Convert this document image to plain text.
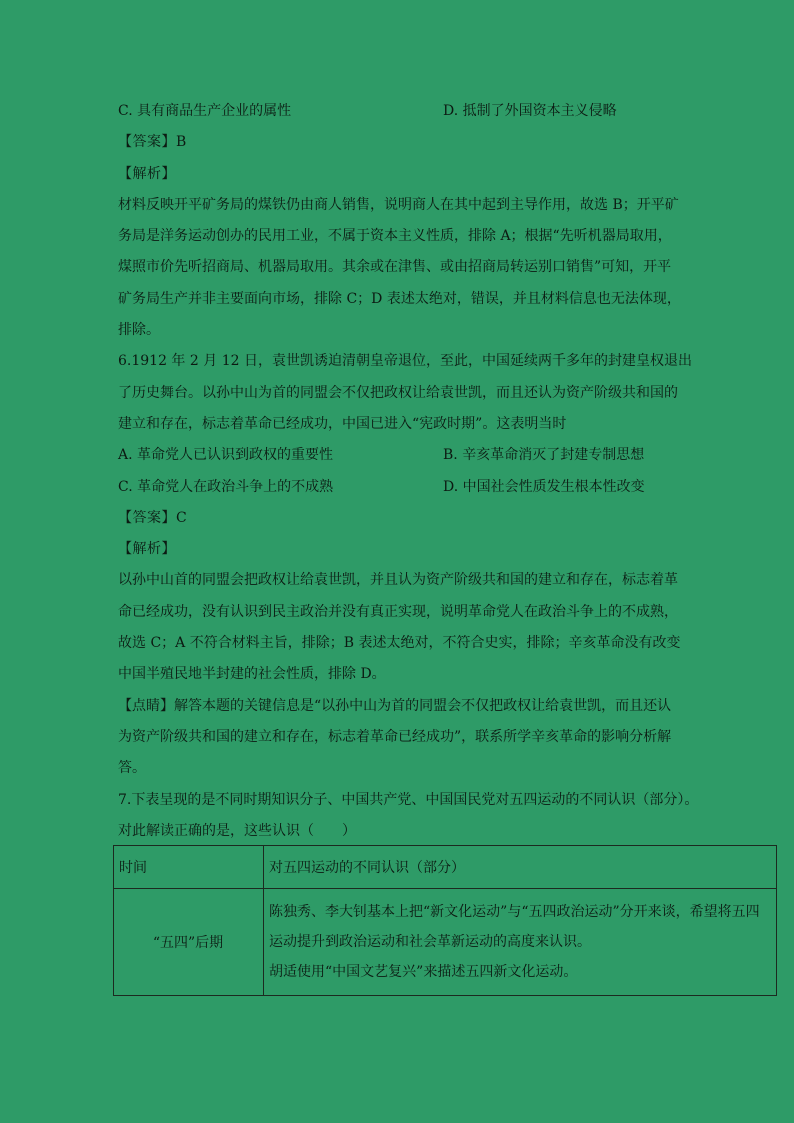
C. 具有商品生产企业的属性	D. 抵制了外国资本主义侵略
【答案】B
【解析】
材料反映开平矿务局的煤铁仍由商人销售，说明商人在其中起到主导作用，故选 B；开平矿
务局是洋务运动创办的民用工业，不属于资本主义性质，排除 A；根据“先听机器局取用，
煤照市价先听招商局、机器局取用。其余或在津售、或由招商局转运别口销售”可知，开平
矿务局生产并非主要面向市场，排除 C；D 表述太绝对，错误，并且材料信息也无法体现，
排除。
6.1912 年 2 月 12 日，袁世凯诱迫清朝皇帝退位，至此，中国延续两千多年的封建皇权退出
了历史舞台。以孙中山为首的同盟会不仅把政权让给袁世凯，而且还认为资产阶级共和国的
建立和存在，标志着革命已经成功，中国已进入“宪政时期”。这表明当时
A. 革命党人已认识到政权的重要性	B. 辛亥革命消灭了封建专制思想
C. 革命党人在政治斗争上的不成熟	D. 中国社会性质发生根本性改变
【答案】C
【解析】
以孙中山首的同盟会把政权让给袁世凯，并且认为资产阶级共和国的建立和存在，标志着革
命已经成功，没有认识到民主政治并没有真正实现，说明革命党人在政治斗争上的不成熟，
故选 C；A 不符合材料主旨，排除；B 表述太绝对，不符合史实，排除；辛亥革命没有改变
中国半殖民地半封建的社会性质，排除 D。
【点睛】解答本题的关键信息是“以孙中山为首的同盟会不仅把政权让给袁世凯，而且还认
为资产阶级共和国的建立和存在，标志着革命已经成功”，联系所学辛亥革命的影响分析解
答。
7.下表呈现的是不同时期知识分子、中国共产党、中国国民党对五四运动的不同认识（部分）。
对此解读正确的是，这些认识（　　）
时间	对五四运动的不同认识（部分）
“五四”后期	陈独秀、李大钊基本上把“新文化运动”与“五四政治运动”分开来谈，希望将五四
运动提升到政治运动和社会革新运动的高度来认识。
胡适使用“中国文艺复兴”来描述五四新文化运动。
